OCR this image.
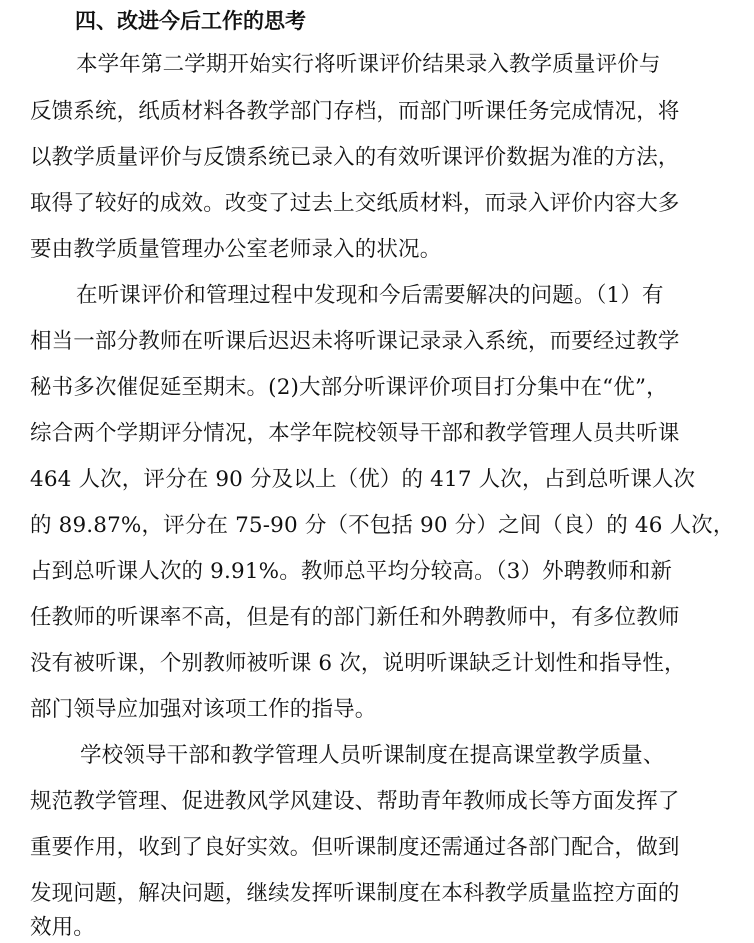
四、改进今后工作的思考
本学年第二学期开始实行将听课评价结果录入教学质量评价与
反馈系统，纸质材料各教学部门存档，而部门听课任务完成情况，将
以教学质量评价与反馈系统已录入的有效听课评价数据为准的方法，
取得了较好的成效。改变了过去上交纸质材料，而录入评价内容大多
要由教学质量管理办公室老师录入的状况。
在听课评价和管理过程中发现和今后需要解决的问题。（1）有
相当一部分教师在听课后迟迟未将听课记录录入系统，而要经过教学
秘书多次催促延至期末。(2)大部分听课评价项目打分集中在“优”，
综合两个学期评分情况，本学年院校领导干部和教学管理人员共听课
464 人次，评分在 90 分及以上（优）的 417 人次，占到总听课人次
的 89.87%，评分在 75-90 分（不包括 90 分）之间（良）的 46 人次，
占到总听课人次的 9.91%。教师总平均分较高。（3）外聘教师和新
任教师的听课率不高，但是有的部门新任和外聘教师中，有多位教师
没有被听课，个别教师被听课 6 次，说明听课缺乏计划性和指导性，
部门领导应加强对该项工作的指导。
学校领导干部和教学管理人员听课制度在提高课堂教学质量、
规范教学管理、促进教风学风建设、帮助青年教师成长等方面发挥了
重要作用，收到了良好实效。但听课制度还需通过各部门配合，做到
发现问题，解决问题，继续发挥听课制度在本科教学质量监控方面的
效用。
